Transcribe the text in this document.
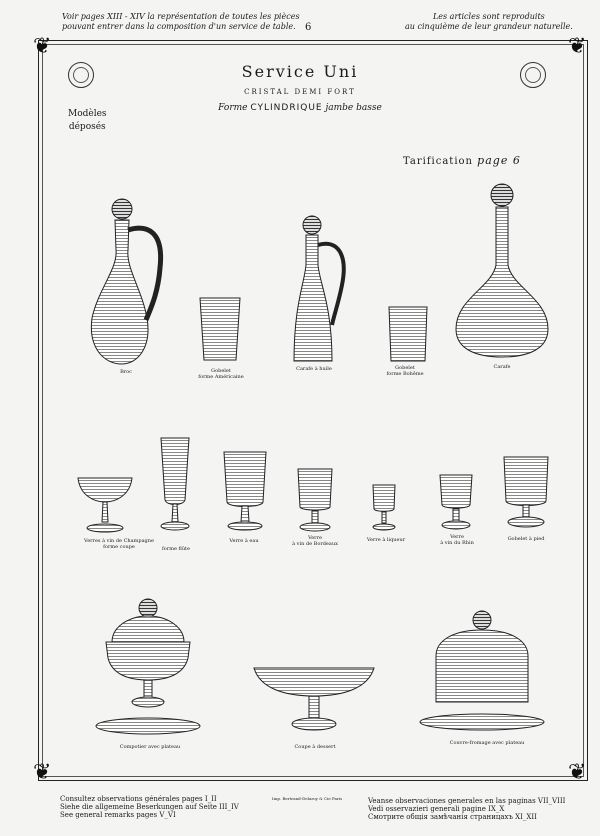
Voir pages XIII - XIV la représentation de toutes les pièces
pouvant entrer dans la composition d'un service de table. 6
Les articles sont reproduits
au cinquième de leur grandeur naturelle.
❦	❦
❦	❦
Service Uni
CRISTAL DEMI FORT
Forme CYLINDRIQUE jambe basse
Modèles
déposés
Tarification page 6
Broc	Gobelet
forme Américaine
Carafe à huile	Gobelet
forme Bohême
Carafe
Verres à vin de Champagne
forme coupe	forme flûte
Verre à eau	Verre
à vin de Bordeaux
Verre à liqueur	Verre
à vin du Rhin
Gobelet à pied
Compotier avec plateau	Coupe à dessert
Couvre-fromage avec plateau
Consultez observations générales pages I_II
Siehe die allgemeine Beserkungen auf Seite III_IV
See general remarks pages V_VI
Imp. Bertrand-Delaroy & Cie Paris	Veanse observaciones generales en las paginas VII_VIII
Vedi osservazieri generali pagine IX_X
Смотрите общія замѣчанія страницахъ XI_XII
